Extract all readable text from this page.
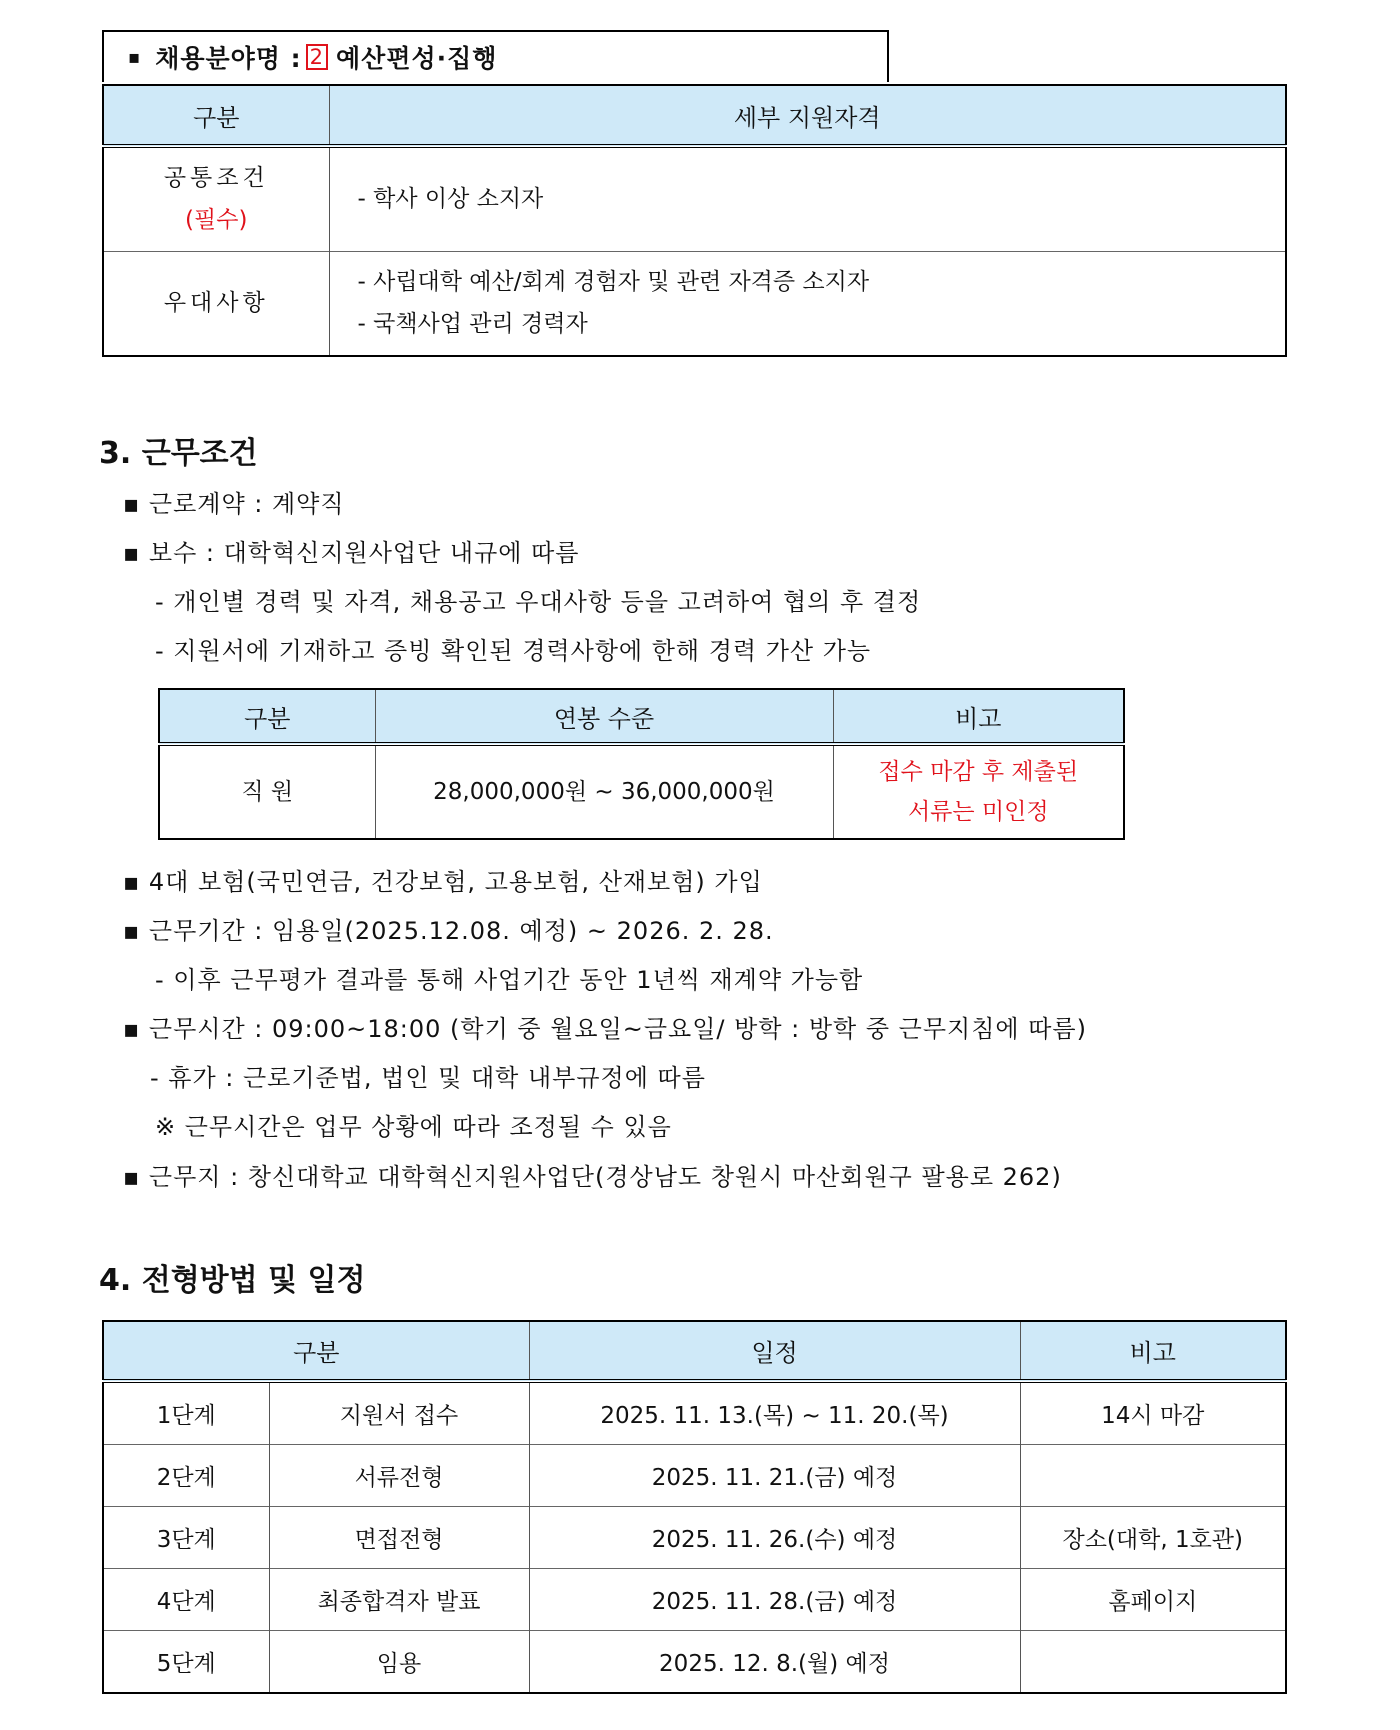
▪ 채용분야명 : 2 예산편성·집행
구분	세부 지원자격

공통조건
(필수)	- 학사 이상 소지자

우대사항	- 사립대학 예산/회계 경험자 및 관련 자격증 소지자
- 국책사업 관리 경력자
3. 근무조건
▪ 근로계약 : 계약직
▪ 보수 : 대학혁신지원사업단 내규에 따름
- 개인별 경력 및 자격, 채용공고 우대사항 등을 고려하여 협의 후 결정
- 지원서에 기재하고 증빙 확인된 경력사항에 한해 경력 가산 가능
구분	연봉 수준	비고
직 원	28,000,000원 ~ 36,000,000원	접수 마감 후 제출된
서류는 미인정
▪ 4대 보험(국민연금, 건강보험, 고용보험, 산재보험) 가입
▪ 근무기간 : 임용일(2025.12.08. 예정) ~ 2026. 2. 28.
- 이후 근무평가 결과를 통해 사업기간 동안 1년씩 재계약 가능함
▪ 근무시간 : 09:00~18:00 (학기 중 월요일~금요일/ 방학 : 방학 중 근무지침에 따름)
- 휴가 : 근로기준법, 법인 및 대학 내부규정에 따름
※ 근무시간은 업무 상황에 따라 조정될 수 있음
▪ 근무지 : 창신대학교 대학혁신지원사업단(경상남도 창원시 마산회원구 팔용로 262)
4. 전형방법 및 일정
구분		일정	비고
1단계	지원서 접수	2025. 11. 13.(목) ~ 11. 20.(목)	14시 마감
2단계	서류전형	2025. 11. 21.(금) 예정	
3단계	면접전형	2025. 11. 26.(수) 예정	장소(대학, 1호관)
4단계	최종합격자 발표	2025. 11. 28.(금) 예정	홈페이지
5단계	임용	2025. 12. 8.(월) 예정	
